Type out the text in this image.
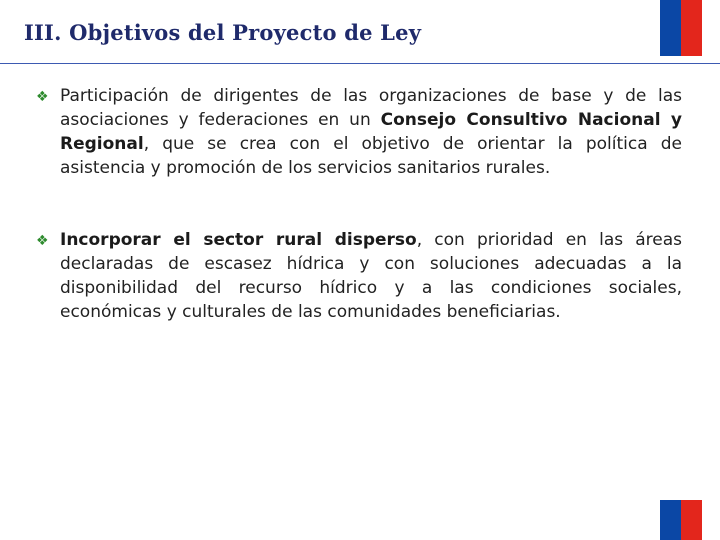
III. Objetivos del Proyecto de Ley
❖ Participación de dirigentes de las organizaciones de base y de las asociaciones y federaciones en un Consejo Consultivo Nacional y Regional, que se crea con el objetivo de orientar la política de asistencia y promoción de los servicios sanitarios rurales.

❖ Incorporar el sector rural disperso, con prioridad en las áreas declaradas de escasez hídrica y con soluciones adecuadas a la disponibilidad del recurso hídrico y a las condiciones sociales, económicas y culturales de las comunidades beneficiarias.
